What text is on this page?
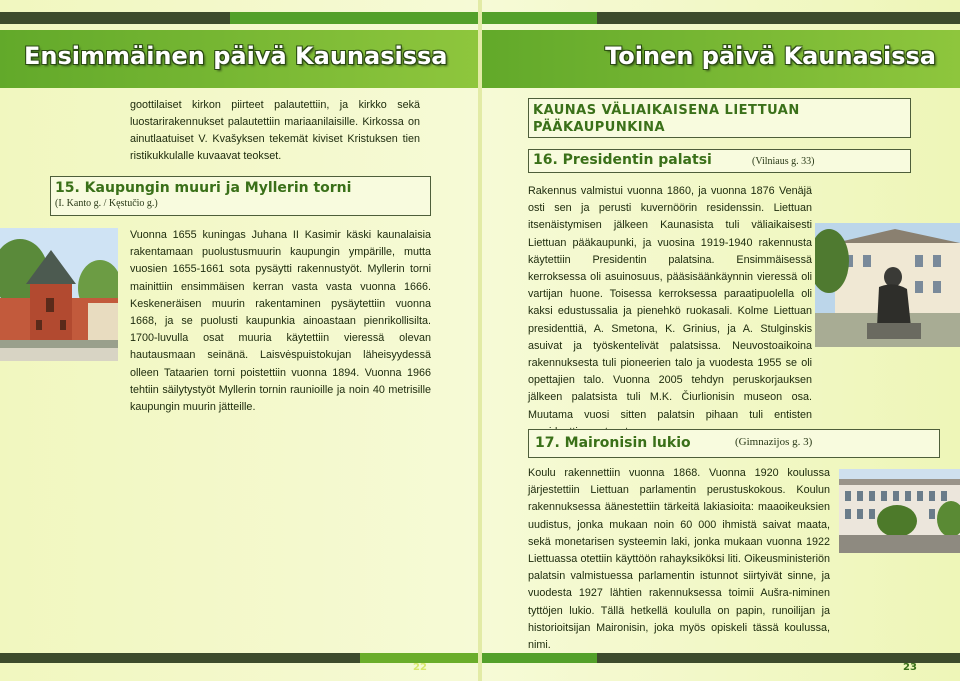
Ensimmäinen päivä Kaunasissa

goottilaiset kirkon piirteet palautettiin, ja kirkko sekä luostarirakennukset palautettiin mariaanilaisille. Kirkossa on ainutlaatuiset V. Kvašyksen tekemät kiviset Kristuksen tien ristikukkulalle kuvaavat teokset.

15. Kaupungin muuri ja Myllerin torni
(I. Kanto g. / Kęstučio g.)

Vuonna 1655 kuningas Juhana II Kasimir käski kaunalaisia rakentamaan puolustusmuurin kaupungin ympärille, mutta vuosien 1655-1661 sota pysäytti rakennustyöt. Myllerin torni mainittiin ensimmäisen kerran vasta vasta vuonna 1666. Keskeneräisen muurin rakentaminen pysäytettiin vuonna 1668, ja se puolusti kaupunkia ainoastaan pienrikollisilta. 1700-luvulla osat muuria käytettiin vieressä olevan hautausmaan seinänä. Laisvėspuistokujan läheisyydessä olleen Tataarien torni poistettiin vuonna 1894. Vuonna 1966 tehtiin säilytystyöt Myllerin tornin raunioille ja noin 40 metrisille kaupungin muurin jätteille.

22
Toinen päivä Kaunasissa
KAUNAS VÄLIAIKAISENA LIETTUAN PÄÄKAUPUNKINA
16. Presidentin palatsi	(Vilniaus g. 33)

Rakennus valmistui vuonna 1860, ja vuonna 1876 Venäjä osti sen ja perusti kuvernöörin residenssin. Liettuan itsenäistymisen jälkeen Kaunasista tuli väliaikaisesti Liettuan pääkaupunki, ja vuosina 1919-1940 rakennusta käytettiin Presidentin palatsina. Ensimmäisessä kerroksessa oli asuinosuus, pääsisäänkäynnin vieressä oli vartijan huone. Toisessa kerroksessa paraatipuolella oli kaksi edustussalia ja pienehkö ruokasali. Kolme Liettuan presidenttiä, A. Smetona, K. Grinius, ja A. Stulginskis asuivat ja työskentelivät palatsissa. Neuvostoaikoina rakennuksesta tuli pioneerien talo ja vuodesta 1955 se oli opettajien talo. Vuonna 2005 tehdyn peruskorjauksen jälkeen palatsista tuli M.K. Čiurlionisin museon osa. Muutama vuosi sitten palatsin pihaan tuli entisten

17. Maironisin lukio	(Gimnazijos g. 3)

Koulu rakennettiin vuonna 1868. Vuonna 1920 koulussa järjestettiin Liettuan parlamentin perustuskokous. Koulun rakennuksessa äänestettiin tärkeitä lakiasioita: maaoikeuksien uudistus, jonka mukaan noin 60 000 ihmistä saivat maata, sekä monetarisen systeemin laki, jonka mukaan vuonna 1922 Liettuassa otettiin käyttöön rahayksiköksi liti. Oikeusministeriön palatsin valmistuessa parlamentin istunnot siirtyivät sinne, ja vuodesta 1927 lähtien rakennuksessa toimii Aušra-niminen tyttöjen lukio. Tällä hetkellä koululla on papin, runoilijan ja historioitsijan Maironisin, joka myös opiskeli tässä koulussa, nimi.

23
